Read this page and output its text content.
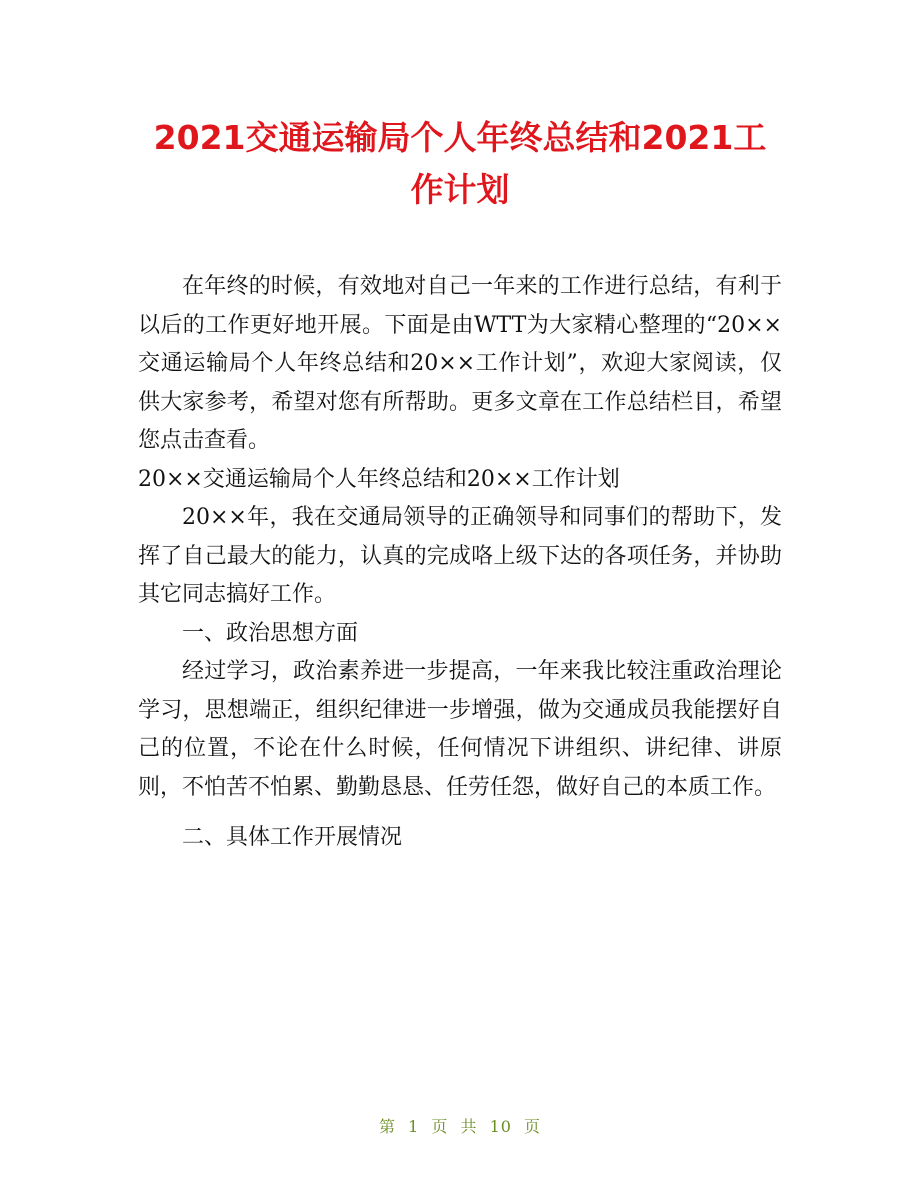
2021交通运输局个人年终总结和2021工作计划

在年终的时候，有效地对自己一年来的工作进行总结，有利于以后的工作更好地开展。下面是由WTT为大家精心整理的“20××交通运输局个人年终总结和20××工作计划”，欢迎大家阅读，仅供大家参考，希望对您有所帮助。更多文章在工作总结栏目，希望您点击查看。

20××交通运输局个人年终总结和20××工作计划

20××年，我在交通局领导的正确领导和同事们的帮助下，发挥了自己最大的能力，认真的完成咯上级下达的各项任务，并协助其它同志搞好工作。

一、政治思想方面

经过学习，政治素养进一步提高，一年来我比较注重政治理论学习，思想端正，组织纪律进一步增强，做为交通成员我能摆好自己的位置，不论在什么时候，任何情况下讲组织、讲纪律、讲原则，不怕苦不怕累、勤勤恳恳、任劳任怨，做好自己的本质工作。

二、具体工作开展情况

第 1 页 共 10 页
